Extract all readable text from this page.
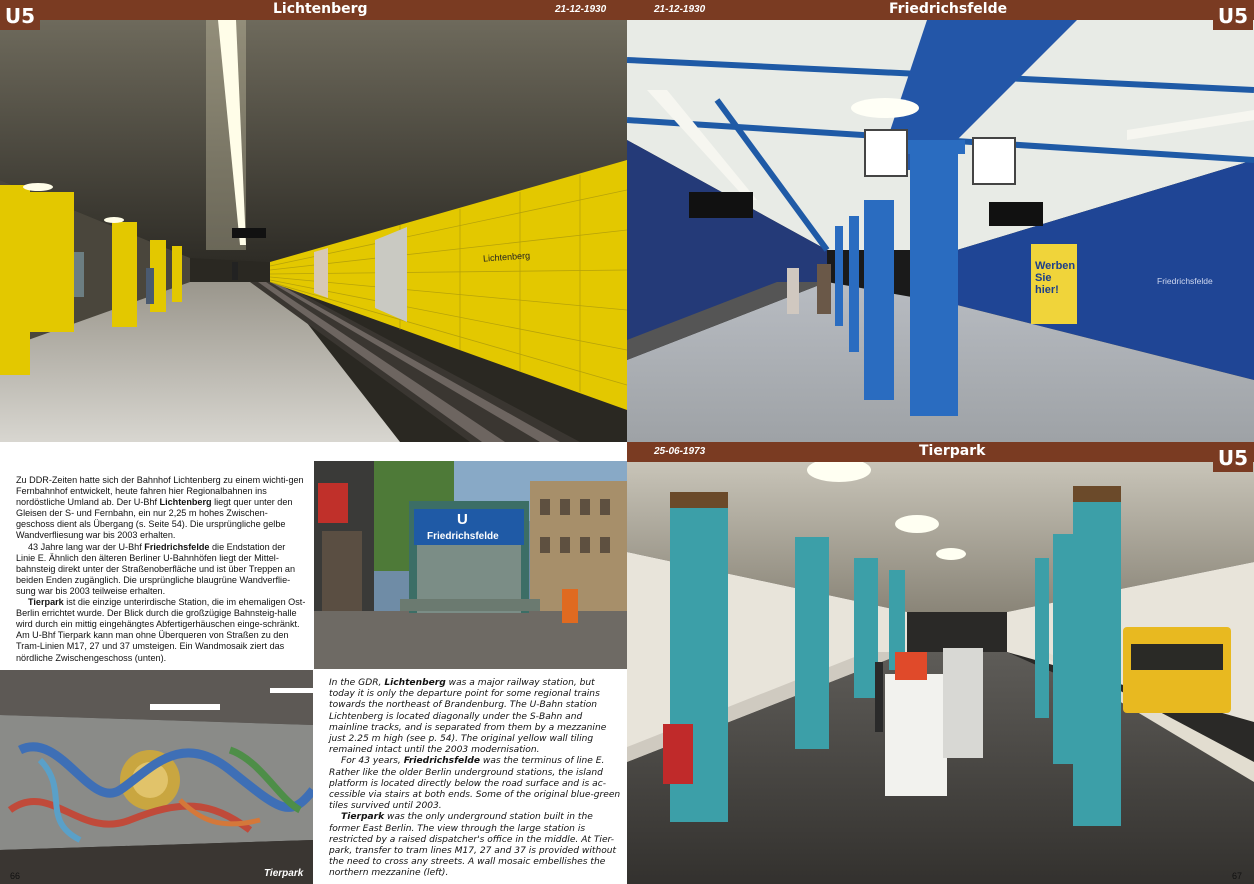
Lichtenberg	21-12-1930
U5
Lichtenberg

Zu DDR-Zeiten hatte sich der Bahnhof Lichtenberg zu einem wichti-gen Fernbahnhof entwickelt, heute fahren hier Regionalbahnen ins nordöstliche Umland ab. Der U-Bhf Lichtenberg liegt quer unter den Gleisen der S- und Fernbahn, ein nur 2,25 m hohes Zwischen-geschoss dient als Übergang (s. Seite 54). Die ursprüngliche gelbe Wandverfliesung war bis 2003 erhalten.

43 Jahre lang war der U-Bhf Friedrichsfelde die Endstation der Linie E. Ähnlich den älteren Berliner U-Bahnhöfen liegt der Mittel-bahnsteig direkt unter der Straßenoberfläche und ist über Treppen an beiden Enden zugänglich. Die ursprüngliche blaugrüne Wandverflie-sung war bis 2003 teilweise erhalten.

Tierpark ist die einzige unterirdische Station, die im ehemaligen Ost-Berlin errichtet wurde. Der Blick durch die großzügige Bahnsteig-halle wird durch ein mittig eingehängtes Abfertigerhäuschen einge-schränkt. Am U-Bhf Tierpark kann man ohne Überqueren von Straßen zu den Tram-Linien M17, 27 und 37 umsteigen. Ein Wandmosaik ziert das nördliche Zwischengeschoss (unten).

U
Friedrichsfelde
Tierpark

In the GDR, Lichtenberg was a major railway station, but today it is only the departure point for some regional trains towards the northeast of Brandenburg. The U-Bahn station Lichtenberg is located diagonally under the S-Bahn and mainline tracks, and is separated from them by a mezzanine just 2.25 m high (see p. 54). The original yellow wall tiling remained intact until the 2003 modernisation.

For 43 years, Friedrichsfelde was the terminus of line E. Rather like the older Berlin underground stations, the island platform is located directly below the road surface and is ac-cessible via stairs at both ends. Some of the original blue-green tiles survived until 2003.

Tierpark was the only underground station built in the former East Berlin. The view through the large station is restricted by a raised dispatcher's office in the middle. At Tier-park, transfer to tram lines M17, 27 and 37 is provided without the need to cross any streets. A wall mosaic embellishes the northern mezzanine (left).

66
21-12-1930	Friedrichsfelde	U5
Friedrichsfelde
Werben Sie hier!
25-06-1973	Tierpark	U5
67
